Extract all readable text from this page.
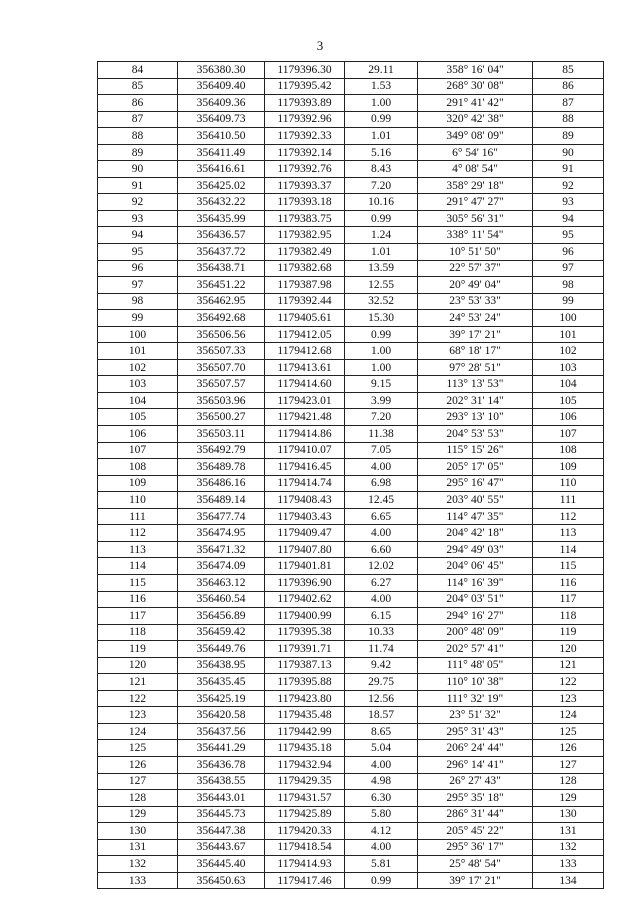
3
84	356380.30	1179396.30	29.11	358° 16' 04"	85
85	356409.40	1179395.42	1.53	268° 30' 08"	86
86	356409.36	1179393.89	1.00	291° 41' 42"	87
87	356409.73	1179392.96	0.99	320° 42' 38"	88
88	356410.50	1179392.33	1.01	349° 08' 09"	89
89	356411.49	1179392.14	5.16	6° 54' 16"	90
90	356416.61	1179392.76	8.43	4° 08' 54"	91
91	356425.02	1179393.37	7.20	358° 29' 18"	92
92	356432.22	1179393.18	10.16	291° 47' 27"	93
93	356435.99	1179383.75	0.99	305° 56' 31"	94
94	356436.57	1179382.95	1.24	338° 11' 54"	95
95	356437.72	1179382.49	1.01	10° 51' 50"	96
96	356438.71	1179382.68	13.59	22° 57' 37"	97
97	356451.22	1179387.98	12.55	20° 49' 04"	98
98	356462.95	1179392.44	32.52	23° 53' 33"	99
99	356492.68	1179405.61	15.30	24° 53' 24"	100
100	356506.56	1179412.05	0.99	39° 17' 21"	101
101	356507.33	1179412.68	1.00	68° 18' 17"	102
102	356507.70	1179413.61	1.00	97° 28' 51"	103
103	356507.57	1179414.60	9.15	113° 13' 53"	104
104	356503.96	1179423.01	3.99	202° 31' 14"	105
105	356500.27	1179421.48	7.20	293° 13' 10"	106
106	356503.11	1179414.86	11.38	204° 53' 53"	107
107	356492.79	1179410.07	7.05	115° 15' 26"	108
108	356489.78	1179416.45	4.00	205° 17' 05"	109
109	356486.16	1179414.74	6.98	295° 16' 47"	110
110	356489.14	1179408.43	12.45	203° 40' 55"	111
111	356477.74	1179403.43	6.65	114° 47' 35"	112
112	356474.95	1179409.47	4.00	204° 42' 18"	113
113	356471.32	1179407.80	6.60	294° 49' 03"	114
114	356474.09	1179401.81	12.02	204° 06' 45"	115
115	356463.12	1179396.90	6.27	114° 16' 39"	116
116	356460.54	1179402.62	4.00	204° 03' 51"	117
117	356456.89	1179400.99	6.15	294° 16' 27"	118
118	356459.42	1179395.38	10.33	200° 48' 09"	119
119	356449.76	1179391.71	11.74	202° 57' 41"	120
120	356438.95	1179387.13	9.42	111° 48' 05"	121
121	356435.45	1179395.88	29.75	110° 10' 38"	122
122	356425.19	1179423.80	12.56	111° 32' 19"	123
123	356420.58	1179435.48	18.57	23° 51' 32"	124
124	356437.56	1179442.99	8.65	295° 31' 43"	125
125	356441.29	1179435.18	5.04	206° 24' 44"	126
126	356436.78	1179432.94	4.00	296° 14' 41"	127
127	356438.55	1179429.35	4.98	26° 27' 43"	128
128	356443.01	1179431.57	6.30	295° 35' 18"	129
129	356445.73	1179425.89	5.80	286° 31' 44"	130
130	356447.38	1179420.33	4.12	205° 45' 22"	131
131	356443.67	1179418.54	4.00	295° 36' 17"	132
132	356445.40	1179414.93	5.81	25° 48' 54"	133
133	356450.63	1179417.46	0.99	39° 17' 21"	134
